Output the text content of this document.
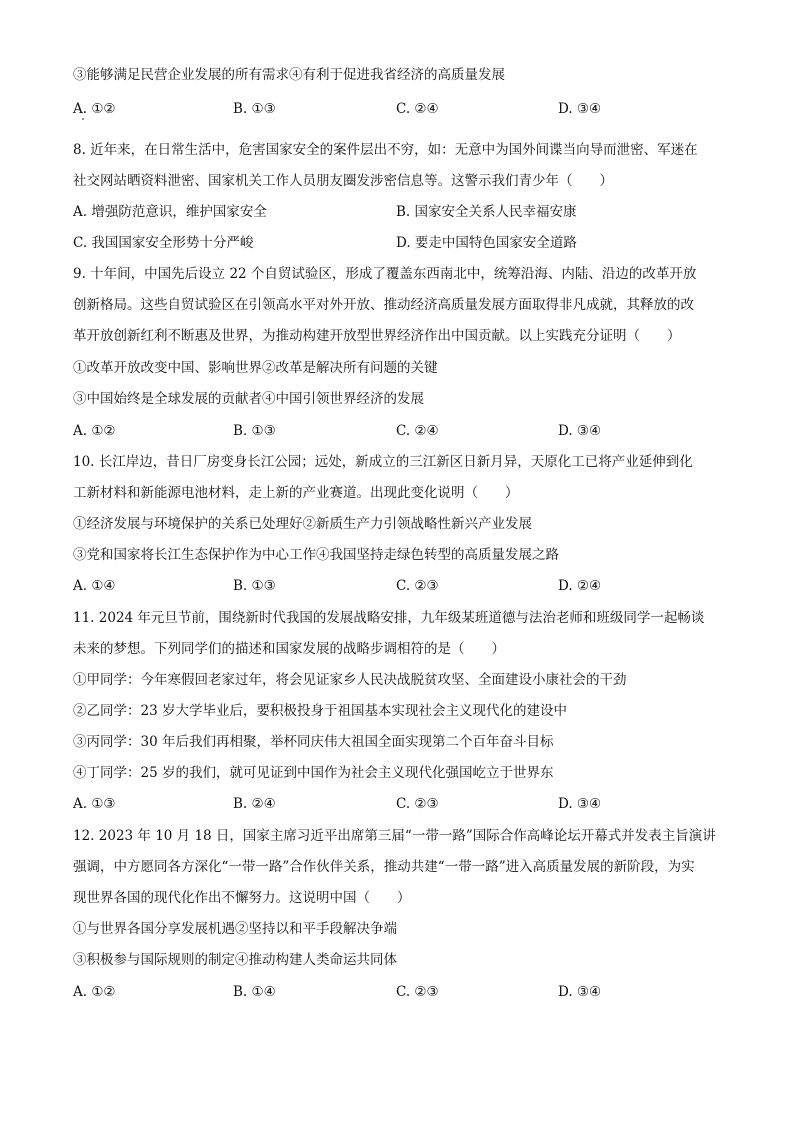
③能够满足民营企业发展的所有需求④有利于促进我省经济的高质量发展
A. ①②	B. ①③	C. ②④	D. ③④
8. 近年来，在日常生活中，危害国家安全的案件层出不穷，如：无意中为国外间谍当向导而泄密、军迷在
社交网站晒资料泄密、国家机关工作人员朋友圈发涉密信息等。这警示我们青少年（　　）
A. 增强防范意识，维护国家安全	B. 国家安全关系人民幸福安康
C. 我国国家安全形势十分严峻	D. 要走中国特色国家安全道路
9. 十年间，中国先后设立 22 个自贸试验区，形成了覆盖东西南北中，统筹沿海、内陆、沿边的改革开放
创新格局。这些自贸试验区在引领高水平对外开放、推动经济高质量发展方面取得非凡成就，其释放的改
革开放创新红利不断惠及世界，为推动构建开放型世界经济作出中国贡献。以上实践充分证明（　　）
①改革开放改变中国、影响世界②改革是解决所有问题的关键
③中国始终是全球发展的贡献者④中国引领世界经济的发展
A. ①②	B. ①③	C. ②④	D. ③④
10. 长江岸边，昔日厂房变身长江公园；远处，新成立的三江新区日新月异，天原化工已将产业延伸到化
工新材料和新能源电池材料，走上新的产业赛道。出现此变化说明（　　）
①经济发展与环境保护的关系已处理好②新质生产力引领战略性新兴产业发展
③党和国家将长江生态保护作为中心工作④我国坚持走绿色转型的高质量发展之路
A. ①④	B. ①③	C. ②③	D. ②④
11. 2024 年元旦节前，围绕新时代我国的发展战略安排，九年级某班道德与法治老师和班级同学一起畅谈
未来的梦想。下列同学们的描述和国家发展的战略步调相符的是（　　）
①甲同学：今年寒假回老家过年，将会见证家乡人民决战脱贫攻坚、全面建设小康社会的干劲
②乙同学：23 岁大学毕业后，要积极投身于祖国基本实现社会主义现代化的建设中
③丙同学：30 年后我们再相聚，举杯同庆伟大祖国全面实现第二个百年奋斗目标
④丁同学：25 岁的我们，就可见证到中国作为社会主义现代化强国屹立于世界东
A. ①③	B. ②④	C. ②③	D. ③④
12. 2023 年 10 月 18 日，国家主席习近平出席第三届“一带一路”国际合作高峰论坛开幕式并发表主旨演讲
强调，中方愿同各方深化“一带一路”合作伙伴关系，推动共建“一带一路”进入高质量发展的新阶段，为实
现世界各国的现代化作出不懈努力。这说明中国（　　）
①与世界各国分享发展机遇②坚持以和平手段解决争端
③积极参与国际规则的制定④推动构建人类命运共同体
A. ①②	B. ①④	C. ②③	D. ③④
